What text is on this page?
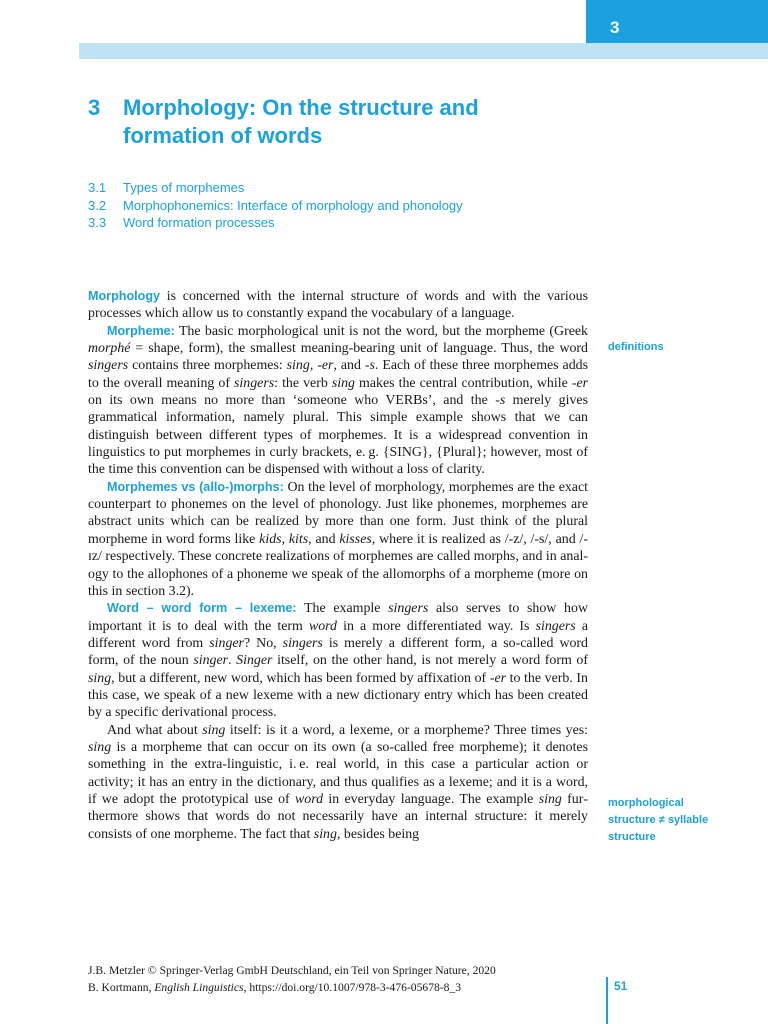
3
3 Morphology: On the structure and formation of words
3.1 Types of morphemes
3.2 Morphophonemics: Interface of morphology and phonology
3.3 Word formation processes

Morphology is concerned with the internal structure of words and with the various processes which allow us to constantly expand the vocabulary of a language.

Morpheme: The basic morphological unit is not the word, but the morpheme (Greek morphé = shape, form), the smallest meaning-bearing unit of language. Thus, the word singers contains three morphemes: sing, -er, and -s. Each of these three morphemes adds to the overall meaning of singers: the verb sing makes the central contribution, while -er on its own means no more than ‘someone who VERBs’, and the -s merely gives grammatical information, namely plural. This simple example shows that we can distinguish between different types of morphemes. It is a widespread convention in linguistics to put morphemes in curly brackets, e. g. {SING}, {Plural}; however, most of the time this convention can be dispensed with without a loss of clarity.

Morphemes vs (allo-)morphs: On the level of morphology, morphemes are the exact counterpart to phonemes on the level of phonology. Just like phonemes, morphemes are abstract units which can be realized by more than one form. Just think of the plural morpheme in word forms like kids, kits, and kisses, where it is realized as /-z/, /-s/, and /-ɪz/ respectively. These concrete realizations of morphemes are called morphs, and in analogy to the allophones of a phoneme we speak of the allomorphs of a morpheme (more on this in section 3.2).

Word – word form – lexeme: The example singers also serves to show how important it is to deal with the term word in a more differentiated way. Is singers a different word from singer? No, singers is merely a different form, a so-called word form, of the noun singer. Singer itself, on the other hand, is not merely a word form of sing, but a different, new word, which has been formed by affixation of -er to the verb. In this case, we speak of a new lexeme with a new dictionary entry which has been created by a specific derivational process.

And what about sing itself: is it a word, a lexeme, or a morpheme? Three times yes: sing is a morpheme that can occur on its own (a so-called free morpheme); it denotes something in the extra-linguistic, i. e. real world, in this case a particular action or activity; it has an entry in the dictionary, and thus qualifies as a lexeme; and it is a word, if we adopt the prototypical use of word in everyday language. The example sing furthermore shows that words do not necessarily have an internal structure: it merely consists of one morpheme. The fact that sing, besides being

definitions
morphological
structure ≠ syllable
structure
J.B. Metzler © Springer-Verlag GmbH Deutschland, ein Teil von Springer Nature, 2020
B. Kortmann, English Linguistics, https://doi.org/10.1007/978-3-476-05678-8_3	51
